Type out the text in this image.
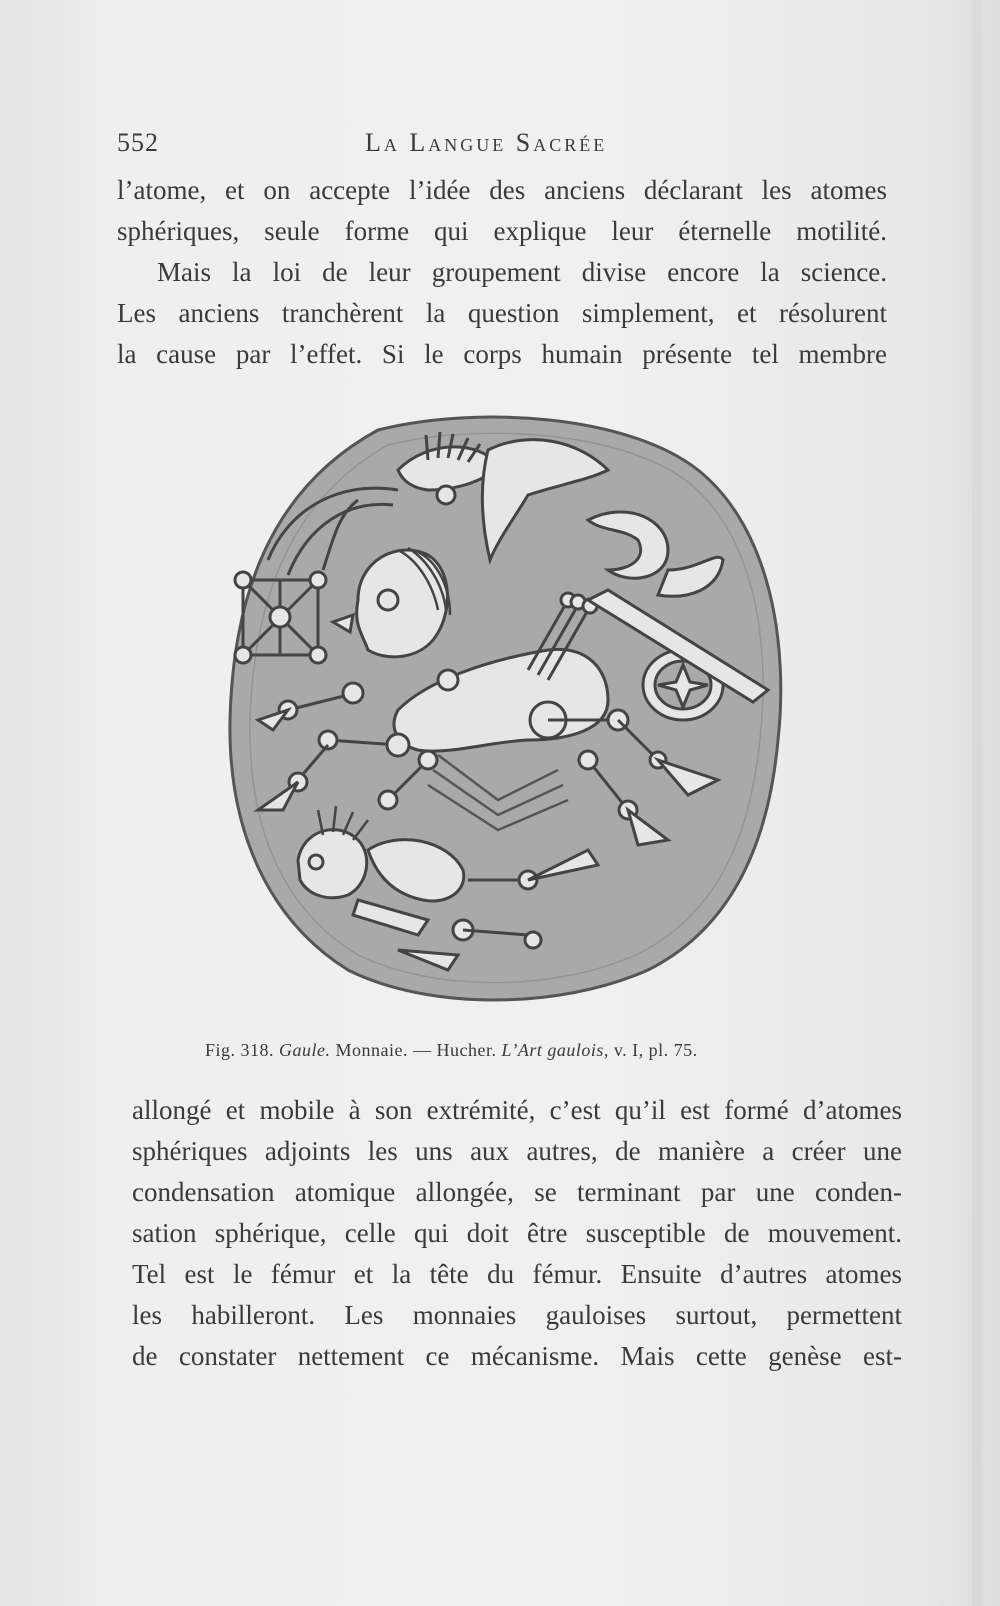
552	La Langue Sacrée
l’atome, et on accepte l’idée des anciens déclarant les atomes
sphériques, seule forme qui explique leur éternelle motilité.
Mais la loi de leur groupement divise encore la science.
Les anciens tranchèrent la question simplement, et résolurent
la cause par l’effet. Si le corps humain présente tel membre
Fig. 318. Gaule. Monnaie. — Hucher. L’Art gaulois, v. I, pl. 75.
allongé et mobile à son extrémité, c’est qu’il est formé d’atomes
sphériques adjoints les uns aux autres, de manière a créer une
condensation atomique allongée, se terminant par une conden-
sation sphérique, celle qui doit être susceptible de mouvement.
Tel est le fémur et la tête du fémur. Ensuite d’autres atomes
les habilleront. Les monnaies gauloises surtout, permettent
de constater nettement ce mécanisme. Mais cette genèse est-
